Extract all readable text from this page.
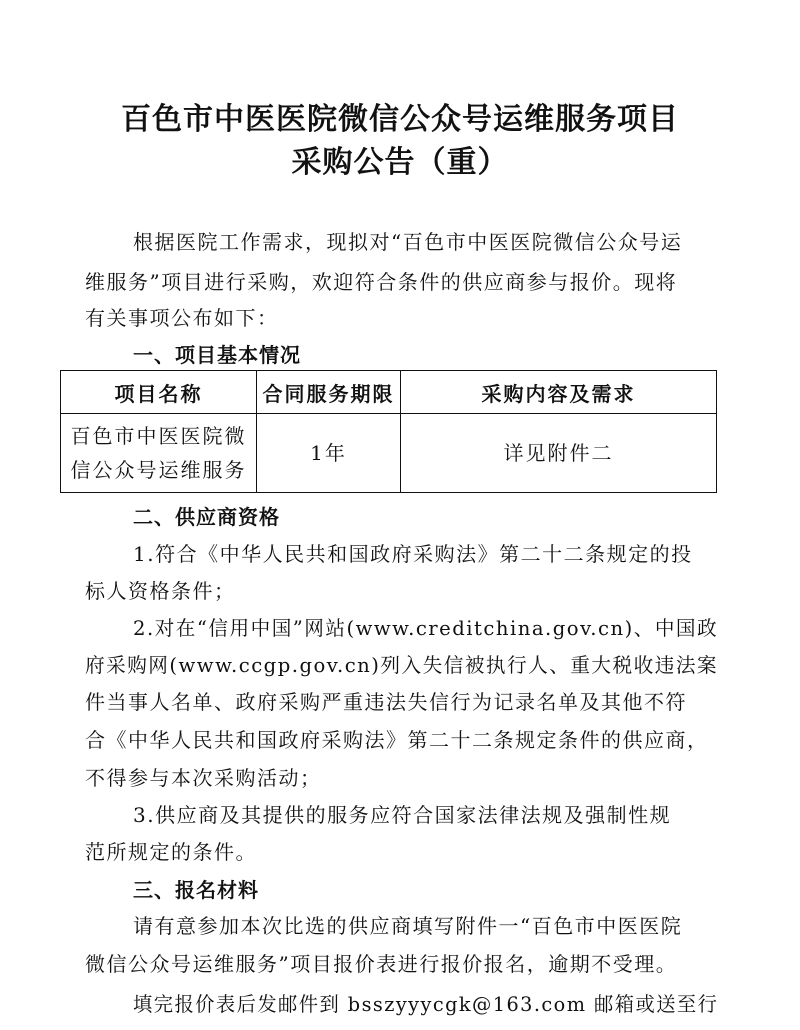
百色市中医医院微信公众号运维服务项目
采购公告（重）
根据医院工作需求，现拟对“百色市中医医院微信公众号运
维服务”项目进行采购，欢迎符合条件的供应商参与报价。现将
有关事项公布如下：
一、项目基本情况
项目名称	合同服务期限	采购内容及需求

百色市中医医院微
信公众号运维服务	1年	详见附件二
二、供应商资格
1.符合《中华人民共和国政府采购法》第二十二条规定的投
标人资格条件；
2.对在“信用中国”网站(www.creditchina.gov.cn)、中国政
府采购网(www.ccgp.gov.cn)列入失信被执行人、重大税收违法案
件当事人名单、政府采购严重违法失信行为记录名单及其他不符
合《中华人民共和国政府采购法》第二十二条规定条件的供应商，
不得参与本次采购活动；
3.供应商及其提供的服务应符合国家法律法规及强制性规
范所规定的条件。
三、报名材料
请有意参加本次比选的供应商填写附件一“百色市中医医院
微信公众号运维服务”项目报价表进行报价报名，逾期不受理。
填完报价表后发邮件到 bsszyyycgk@163.com 邮箱或送至行
